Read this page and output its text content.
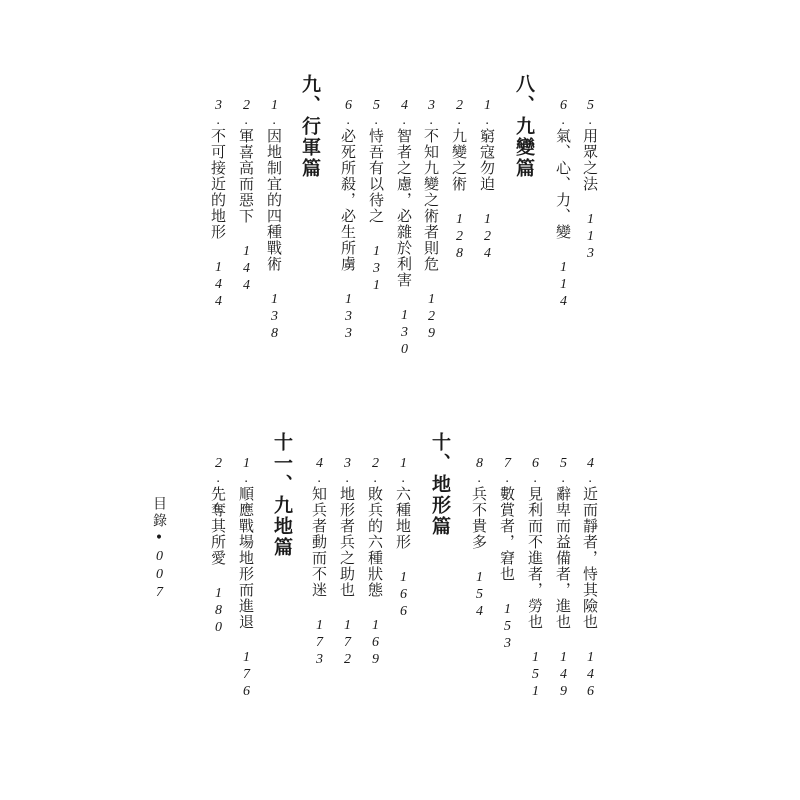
5.用眾之法113
6.氣、心、力、變114
八、九變篇
1.窮寇勿迫124
2.九變之術128
3.不知九變之術者則危129
4.智者之慮，必雜於利害130
5.恃吾有以待之131
6.必死所殺，必生所虜133
九、行軍篇
1.因地制宜的四種戰術138
2.軍喜高而惡下144
3.不可接近的地形144
4.近而靜者，恃其險也146
5.辭卑而益備者，進也149
6.見利而不進者，勞也151
7.數賞者，窘也153
8.兵不貴多154
十、地形篇
1.六種地形166
2.敗兵的六種狀態169
3.地形者兵之助也172
4.知兵者動而不迷173
十一、九地篇
1.順應戰場地形而進退176
2.先奪其所愛180
目錄•007
